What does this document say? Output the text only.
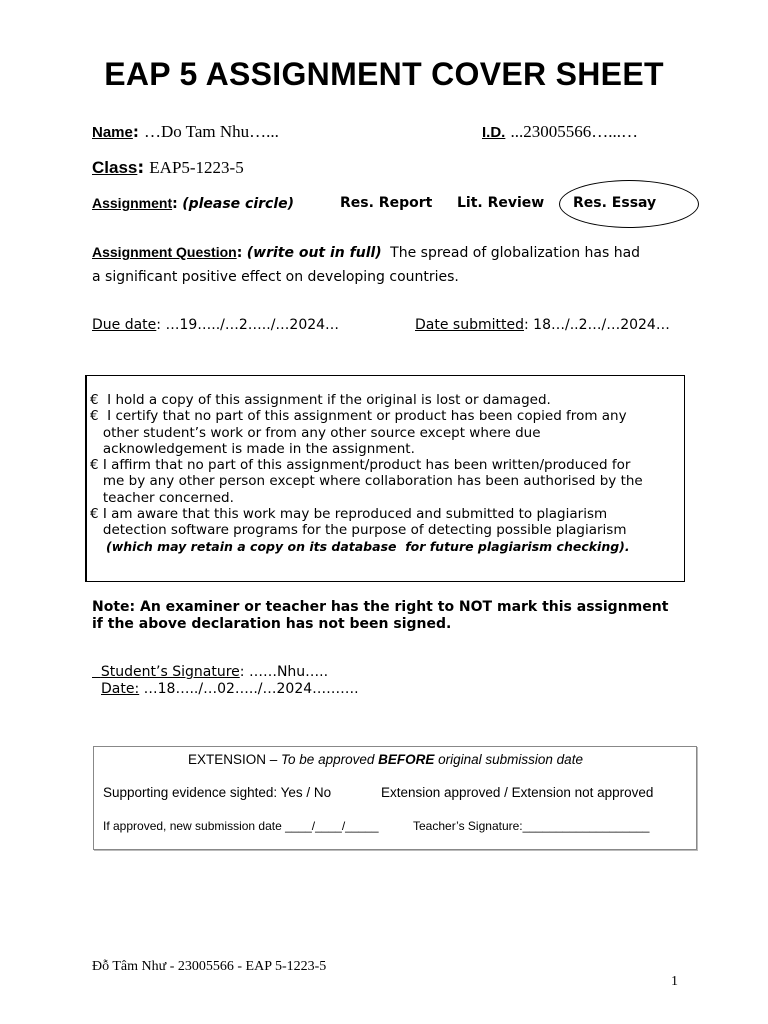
EAP 5 ASSIGNMENT COVER SHEET
Name: …Do Tam Nhu…...	I.D. ...23005566…...…
Class: EAP5-1223-5
Assignment: (please circle)	Res. Report Lit. Review Res. Essay
Assignment Question: (write out in full) The spread of globalization has had
a significant positive effect on developing countries.
Due date: …19…../…2…../…2024…	Date submitted: 18…/..2…/…2024…
€  I hold a copy of this assignment if the original is lost or damaged.
€  I certify that no part of this assignment or product has been copied from any
other student’s work or from any other source except where due
acknowledgement is made in the assignment.
€ I affirm that no part of this assignment/product has been written/produced for
me by any other person except where collaboration has been authorised by the
teacher concerned.
€ I am aware that this work may be reproduced and submitted to plagiarism
detection software programs for the purpose of detecting possible plagiarism
(which may retain a copy on its database  for future plagiarism checking).
Note: An examiner or teacher has the right to NOT mark this assignment
if the above declaration has not been signed.
Student’s Signature: ……Nhu…..
Date: …18…../…02…../…2024……….
EXTENSION – To be approved BEFORE original submission date
Supporting evidence sighted: Yes / No	Extension approved / Extension not approved
If approved, new submission date ____/____/_____	Teacher’s Signature:___________________
Đỗ Tâm Như - 23005566 - EAP 5-1223-5
1
